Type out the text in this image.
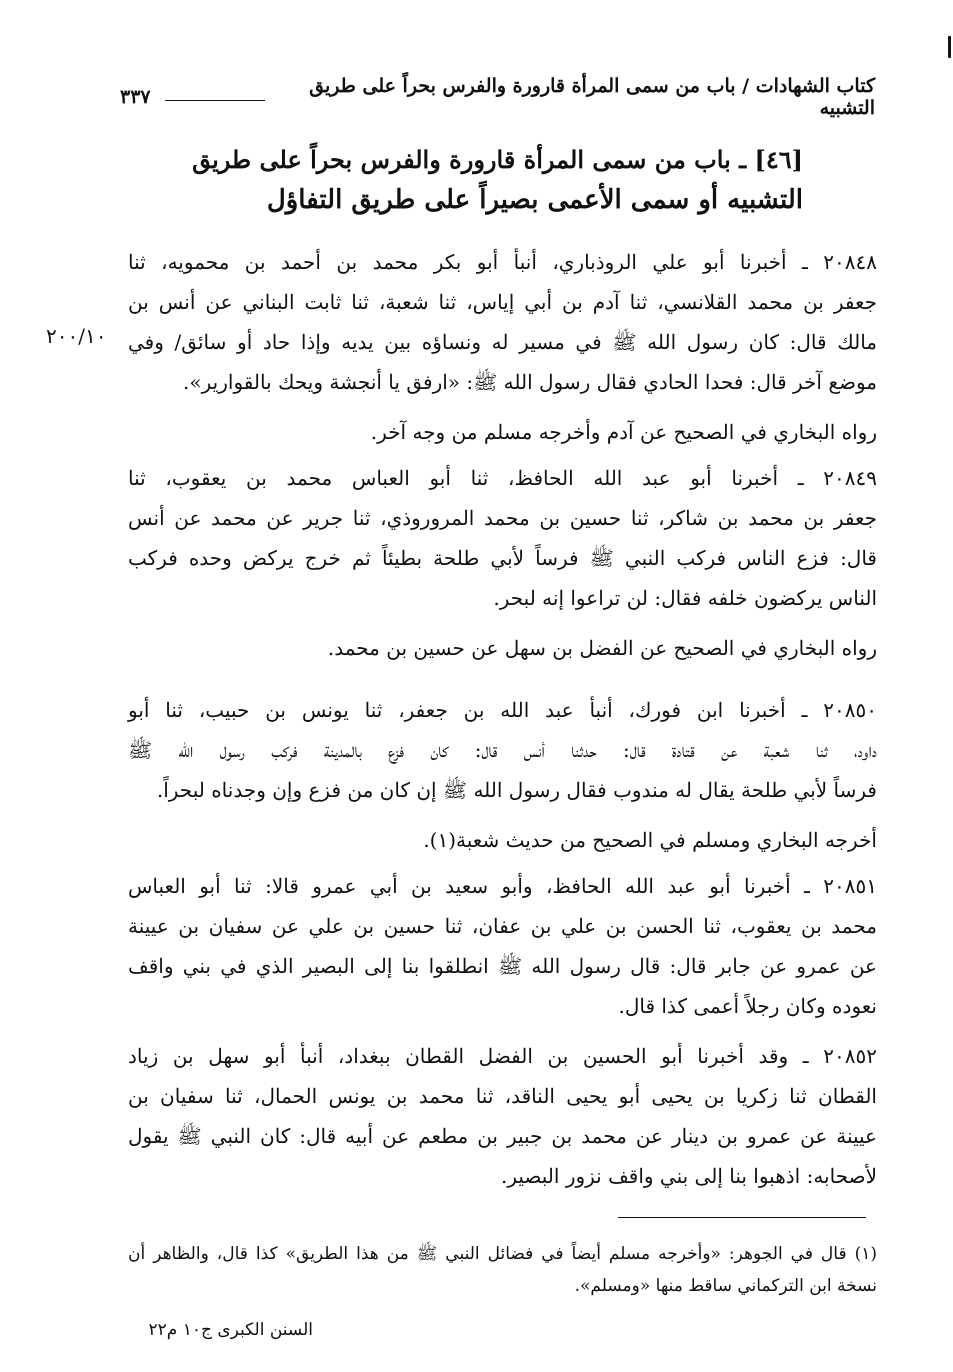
كتاب الشهادات / باب من سمى المرأة قارورة والفرس بحراً على طريق التشبيه
٣٣٧
[٤٦] ـ باب من سمى المرأة قارورة والفرس بحراً على طريق
التشبيه أو سمى الأعمى بصيراً على طريق التفاؤل
٢٠٠/١٠
٢٠٨٤٨ ـ أخبرنا أبو علي الروذباري، أنبأ أبو بكر محمد بن أحمد بن محمويه، ثنا
جعفر بن محمد القلانسي، ثنا آدم بن أبي إياس، ثنا شعبة، ثنا ثابت البناني عن أنس بن
مالك قال: كان رسول الله ﷺ في مسير له ونساؤه بين يديه وإذا حاد أو سائق/ وفي
موضع آخر قال: فحدا الحادي فقال رسول الله ﷺ: «ارفق يا أنجشة ويحك بالقوارير».
رواه البخاري في الصحيح عن آدم وأخرجه مسلم من وجه آخر.
٢٠٨٤٩ ـ أخبرنا أبو عبد الله الحافظ، ثنا أبو العباس محمد بن يعقوب، ثنا
جعفر بن محمد بن شاكر، ثنا حسين بن محمد المروروذي، ثنا جرير عن محمد عن أنس
قال: فزع الناس فركب النبي ﷺ فرساً لأبي طلحة بطيئاً ثم خرج يركض وحده فركب
الناس يركضون خلفه فقال: لن تراعوا إنه لبحر.
رواه البخاري في الصحيح عن الفضل بن سهل عن حسين بن محمد.
٢٠٨٥٠ ـ أخبرنا ابن فورك، أنبأ عبد الله بن جعفر، ثنا يونس بن حبيب، ثنا أبو
داود، ثنا شعبة عن قتادة قال: حدثنا أنس قال: كان فزع بالمدينة فركب رسول الله ﷺ
فرساً لأبي طلحة يقال له مندوب فقال رسول الله ﷺ إن كان من فزع وإن وجدناه لبحراً.
أخرجه البخاري ومسلم في الصحيح من حديث شعبة(١).
٢٠٨٥١ ـ أخبرنا أبو عبد الله الحافظ، وأبو سعيد بن أبي عمرو قالا: ثنا أبو العباس
محمد بن يعقوب، ثنا الحسن بن علي بن عفان، ثنا حسين بن علي عن سفيان بن عيينة
عن عمرو عن جابر قال: قال رسول الله ﷺ انطلقوا بنا إلى البصير الذي في بني واقف
نعوده وكان رجلاً أعمى كذا قال.
٢٠٨٥٢ ـ وقد أخبرنا أبو الحسين بن الفضل القطان ببغداد، أنبأ أبو سهل بن زياد
القطان ثنا زكريا بن يحيى أبو يحيى الناقد، ثنا محمد بن يونس الحمال، ثنا سفيان بن
عيينة عن عمرو بن دينار عن محمد بن جبير بن مطعم عن أبيه قال: كان النبي ﷺ يقول
لأصحابه: اذهبوا بنا إلى بني واقف نزور البصير.
(١) قال في الجوهر: «وأخرجه مسلم أيضاً في فضائل النبي ﷺ من هذا الطريق» كذا قال، والظاهر أن
نسخة ابن التركماني ساقط منها «ومسلم».
السنن الكبرى ج١٠ م٢٢
